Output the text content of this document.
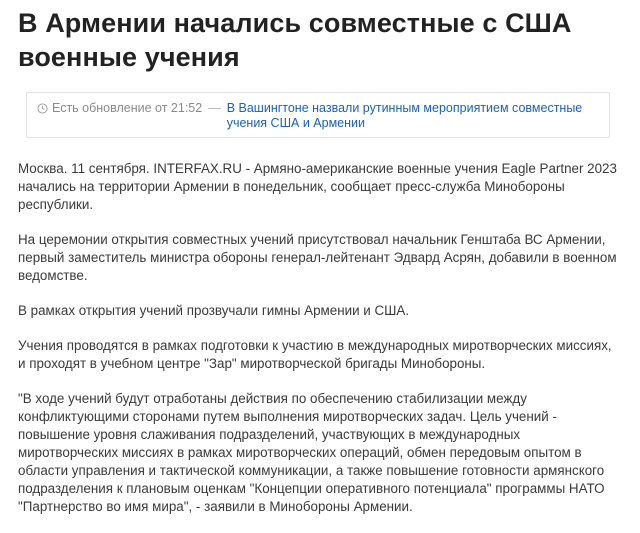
В Армении начались совместные с США военные учения
Есть обновление от 21:52 — В Вашингтоне назвали рутинным мероприятием совместные учения США и Армении

Москва. 11 сентября. INTERFAX.RU - Армяно-американские военные учения Eagle Partner 2023 начались на территории Армении в понедельник, сообщает пресс-служба Минобороны республики.

На церемонии открытия совместных учений присутствовал начальник Генштаба ВС Армении, первый заместитель министра обороны генерал-лейтенант Эдвард Асрян, добавили в военном ведомстве.

В рамках открытия учений прозвучали гимны Армении и США.

Учения проводятся в рамках подготовки к участию в международных миротворческих миссиях, и проходят в учебном центре "Зар" миротворческой бригады Минобороны.

"В ходе учений будут отработаны действия по обеспечению стабилизации между конфликтующими сторонами путем выполнения миротворческих задач. Цель учений - повышение уровня слаживания подразделений, участвующих в международных миротворческих миссиях в рамках миротворческих операций, обмен передовым опытом в области управления и тактической коммуникации, а также повышение готовности армянского подразделения к плановым оценкам "Концепции оперативного потенциала" программы НАТО "Партнерство во имя мира", - заявили в Минобороны Армении.
